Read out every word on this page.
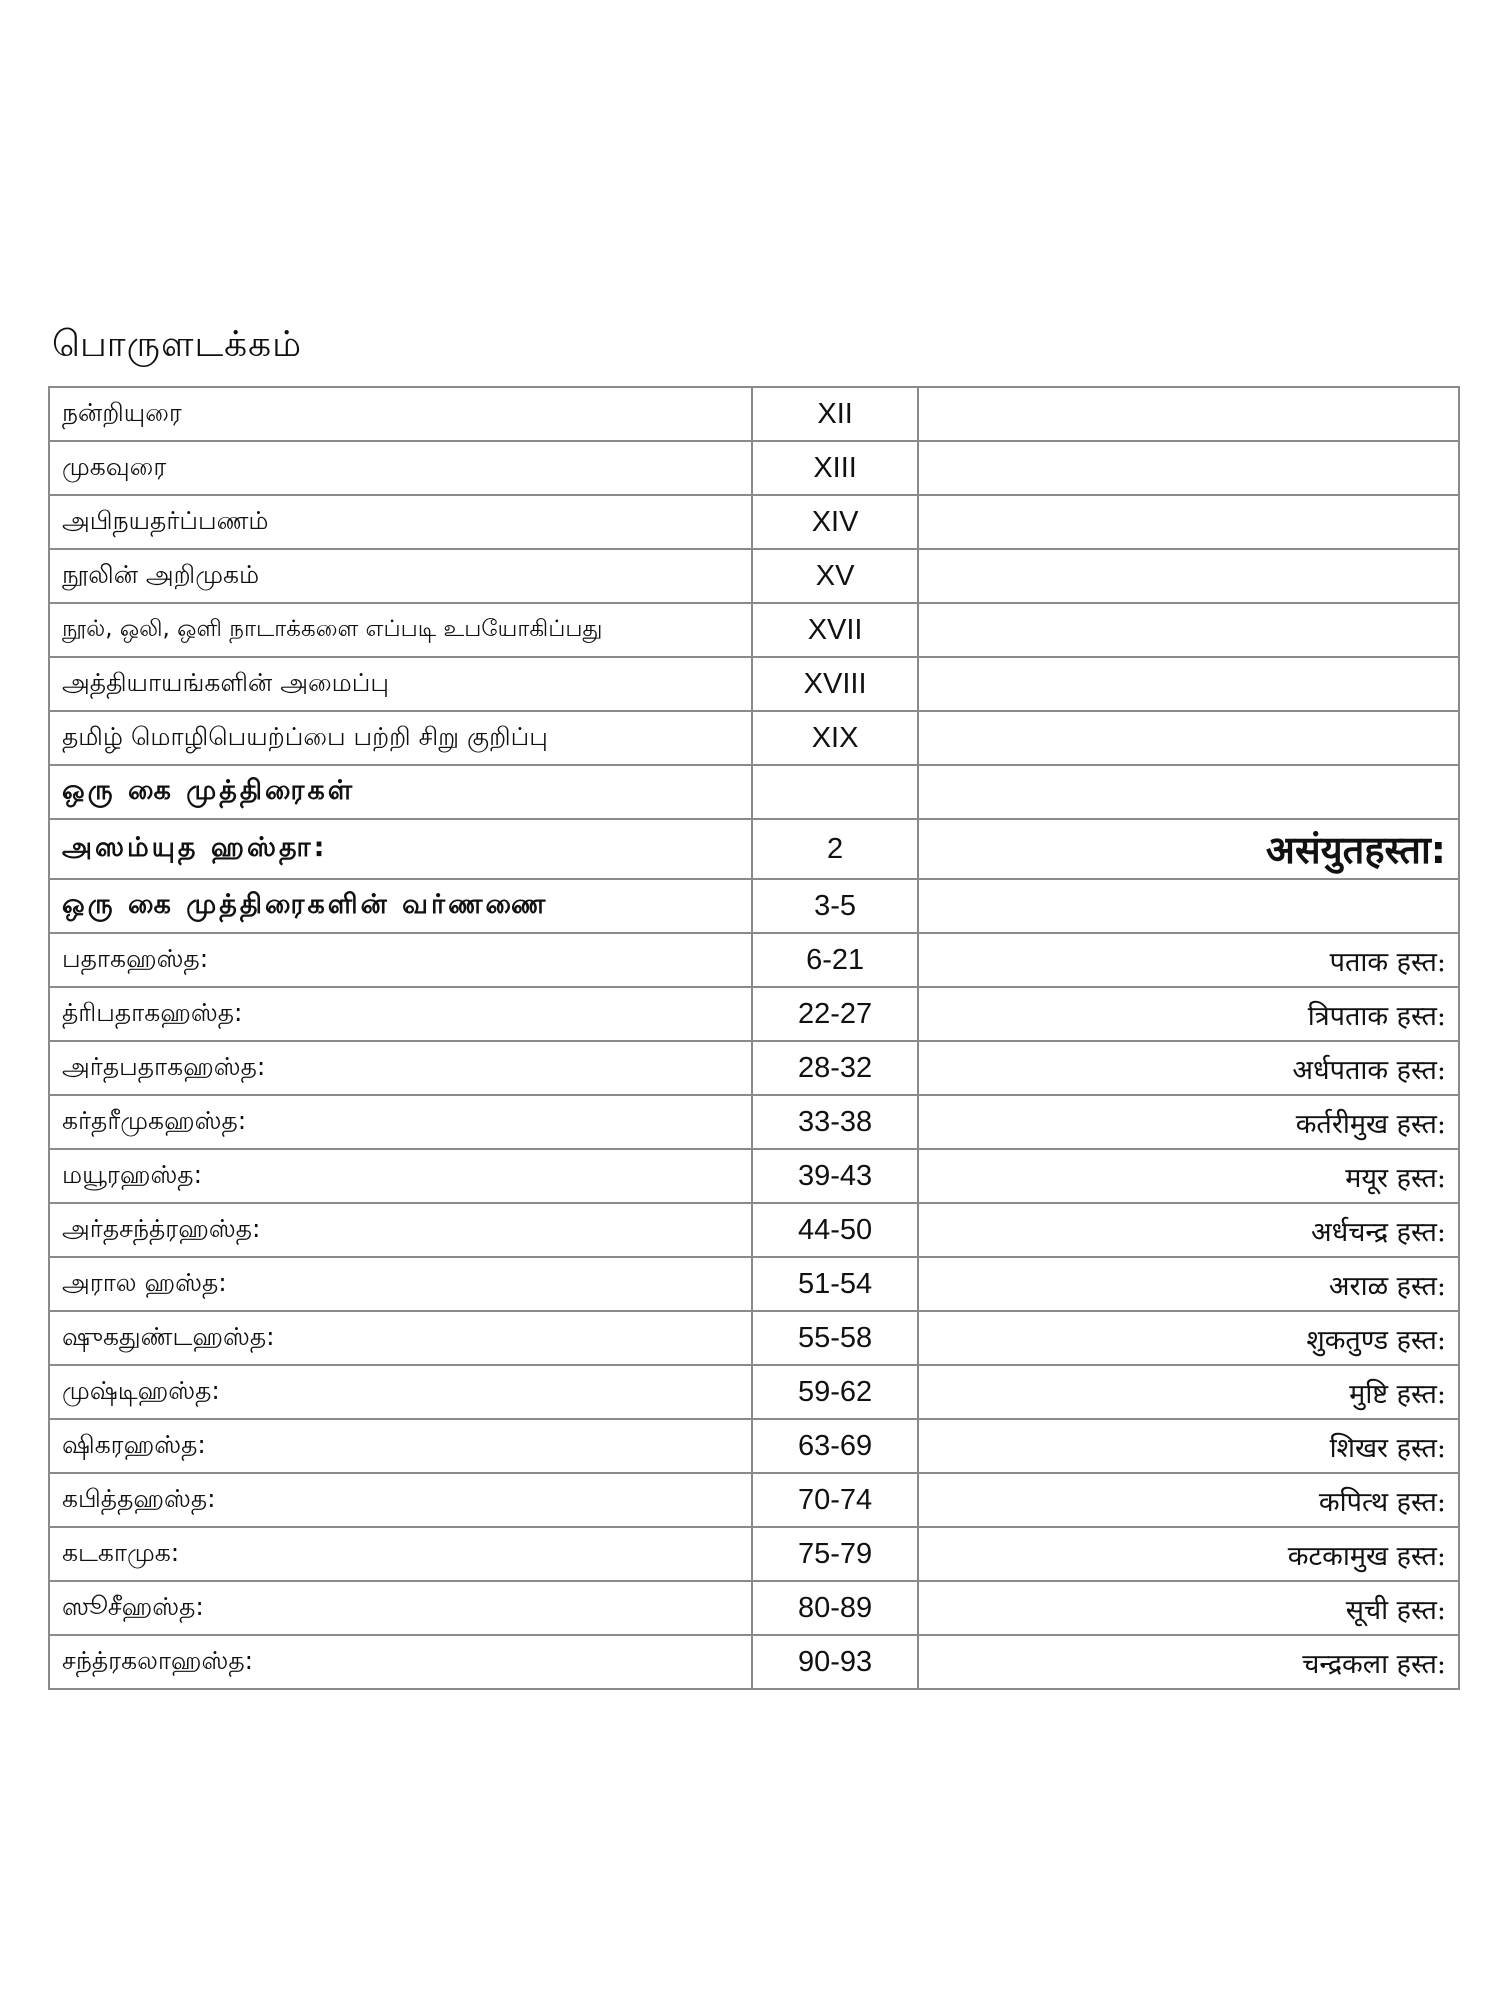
பொருளடக்கம்
நன்றியுரை	XII	
முகவுரை	XIII	
அபிநயதர்ப்பணம்	XIV	
நூலின் அறிமுகம்	XV	
நூல், ஒலி, ஒளி நாடாக்களை எப்படி உபயோகிப்பது	XVII	
அத்தியாயங்களின் அமைப்பு	XVIII	
தமிழ் மொழிபெயற்ப்பை பற்றி சிறு குறிப்பு	XIX	
ஒரு கை முத்திரைகள்		
அஸம்யுத ஹஸ்தா:	2	असंयुतहस्ता:
ஒரு கை முத்திரைகளின் வர்ணணை	3-5	
பதாகஹஸ்த:	6-21	पताक हस्त:
த்ரிபதாகஹஸ்த:	22-27	त्रिपताक हस्त:
அர்தபதாகஹஸ்த:	28-32	अर्धपताक हस्त:
கர்தரீமுகஹஸ்த:	33-38	कर्तरीमुख हस्त:
மயூரஹஸ்த:	39-43	मयूर हस्त:
அர்தசந்த்ரஹஸ்த:	44-50	अर्धचन्द्र हस्त:
அரால ஹஸ்த:	51-54	अराळ हस्त:
ஷுகதுண்டஹஸ்த:	55-58	शुकतुण्ड हस्त:
முஷ்டிஹஸ்த:	59-62	मुष्टि हस्त:
ஷிகரஹஸ்த:	63-69	शिखर हस्त:
கபித்தஹஸ்த:	70-74	कपित्थ हस्त:
கடகாமுக:	75-79	कटकामुख हस्त:
ஸூசீஹஸ்த:	80-89	सूची हस्त:
சந்த்ரகலாஹஸ்த:	90-93	चन्द्रकला हस्त:
